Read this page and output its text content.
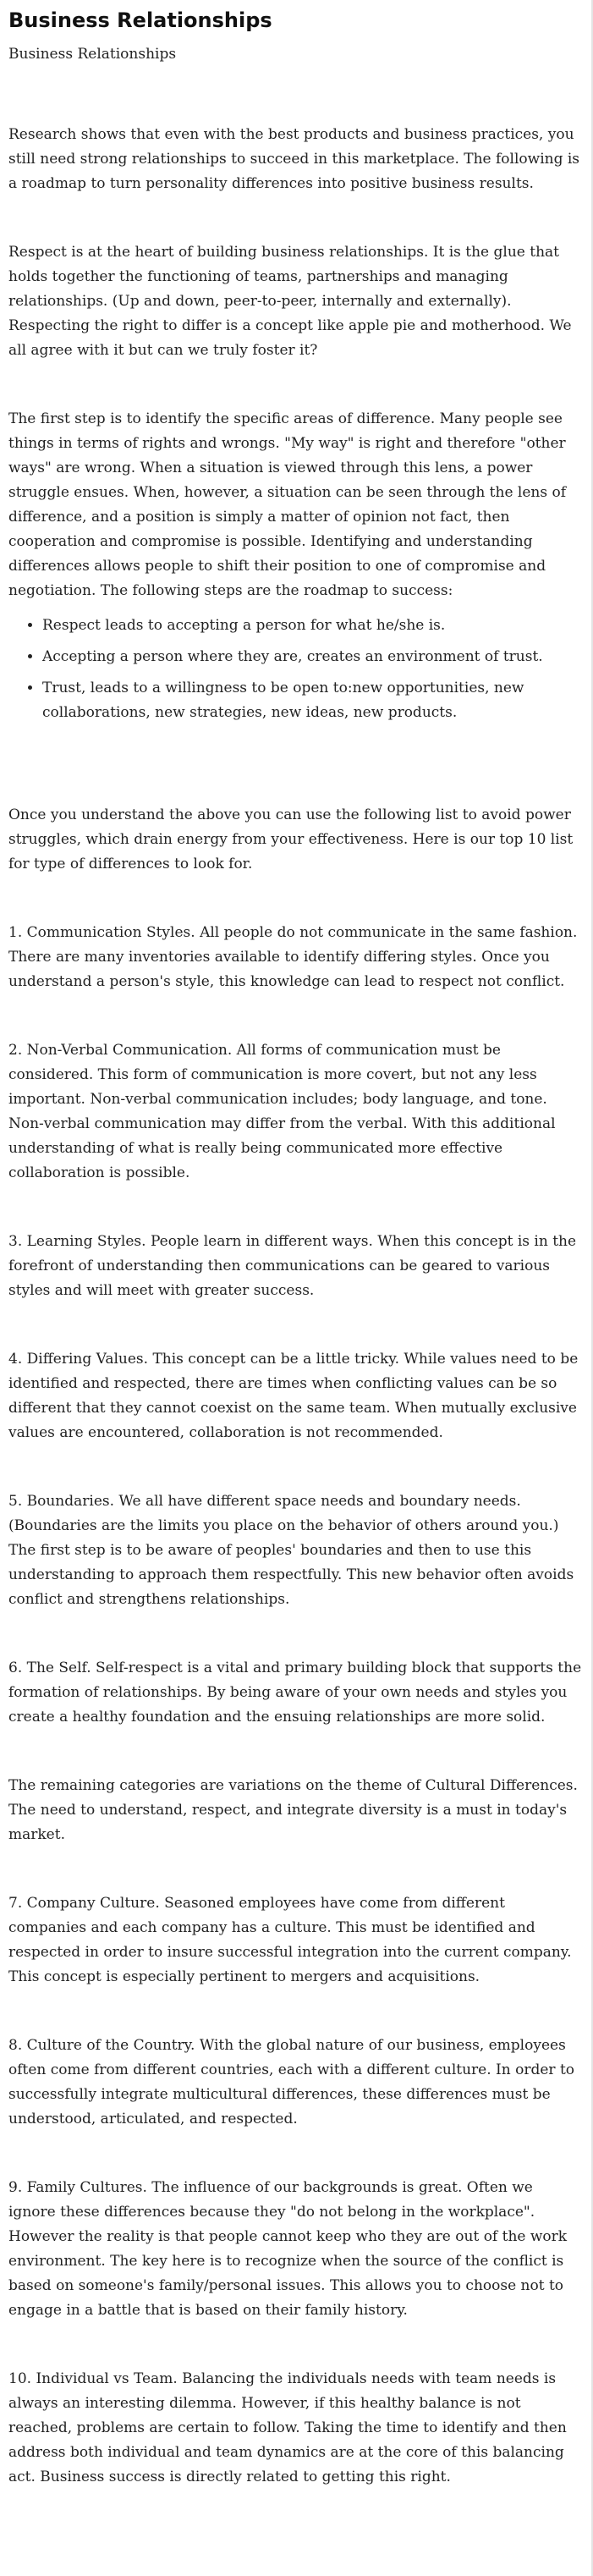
Business Relationships
Business Relationships

Research shows that even with the best products and business practices, you still need strong relationships to succeed in this marketplace. The following is a roadmap to turn personality differences into positive business results.

Respect is at the heart of building business relationships. It is the glue that holds together the functioning of teams, partnerships and managing relationships. (Up and down, peer-to-peer, internally and externally). Respecting the right to differ is a concept like apple pie and motherhood. We all agree with it but can we truly foster it?

The first step is to identify the specific areas of difference. Many people see things in terms of rights and wrongs. "My way" is right and therefore "other ways" are wrong. When a situation is viewed through this lens, a power struggle ensues. When, however, a situation can be seen through the lens of difference, and a position is simply a matter of opinion not fact, then cooperation and compromise is possible. Identifying and understanding differences allows people to shift their position to one of compromise and negotiation. The following steps are the roadmap to success:

• Respect leads to accepting a person for what he/she is.
• Accepting a person where they are, creates an environment of trust.
• Trust, leads to a willingness to be open to:new opportunities, new collaborations, new strategies, new ideas, new products.

Once you understand the above you can use the following list to avoid power struggles, which drain energy from your effectiveness. Here is our top 10 list for type of differences to look for.

1. Communication Styles. All people do not communicate in the same fashion. There are many inventories available to identify differing styles. Once you understand a person's style, this knowledge can lead to respect not conflict.

2. Non-Verbal Communication. All forms of communication must be considered. This form of communication is more covert, but not any less important. Non-verbal communication includes; body language, and tone. Non-verbal communication may differ from the verbal. With this additional understanding of what is really being communicated more effective collaboration is possible.

3. Learning Styles. People learn in different ways. When this concept is in the forefront of understanding then communications can be geared to various styles and will meet with greater success.

4. Differing Values. This concept can be a little tricky. While values need to be identified and respected, there are times when conflicting values can be so different that they cannot coexist on the same team. When mutually exclusive values are encountered, collaboration is not recommended.

5. Boundaries. We all have different space needs and boundary needs. (Boundaries are the limits you place on the behavior of others around you.) The first step is to be aware of peoples' boundaries and then to use this understanding to approach them respectfully. This new behavior often avoids conflict and strengthens relationships.

6. The Self. Self-respect is a vital and primary building block that supports the formation of relationships. By being aware of your own needs and styles you create a healthy foundation and the ensuing relationships are more solid.

The remaining categories are variations on the theme of Cultural Differences. The need to understand, respect, and integrate diversity is a must in today's market.

7. Company Culture. Seasoned employees have come from different companies and each company has a culture. This must be identified and respected in order to insure successful integration into the current company. This concept is especially pertinent to mergers and acquisitions.

8. Culture of the Country. With the global nature of our business, employees often come from different countries, each with a different culture. In order to successfully integrate multicultural differences, these differences must be understood, articulated, and respected.

9. Family Cultures. The influence of our backgrounds is great. Often we ignore these differences because they "do not belong in the workplace". However the reality is that people cannot keep who they are out of the work environment. The key here is to recognize when the source of the conflict is based on someone's family/personal issues. This allows you to choose not to engage in a battle that is based on their family history.

10. Individual vs Team. Balancing the individuals needs with team needs is always an interesting dilemma. However, if this healthy balance is not reached, problems are certain to follow. Taking the time to identify and then address both individual and team dynamics are at the core of this balancing act. Business success is directly related to getting this right.
